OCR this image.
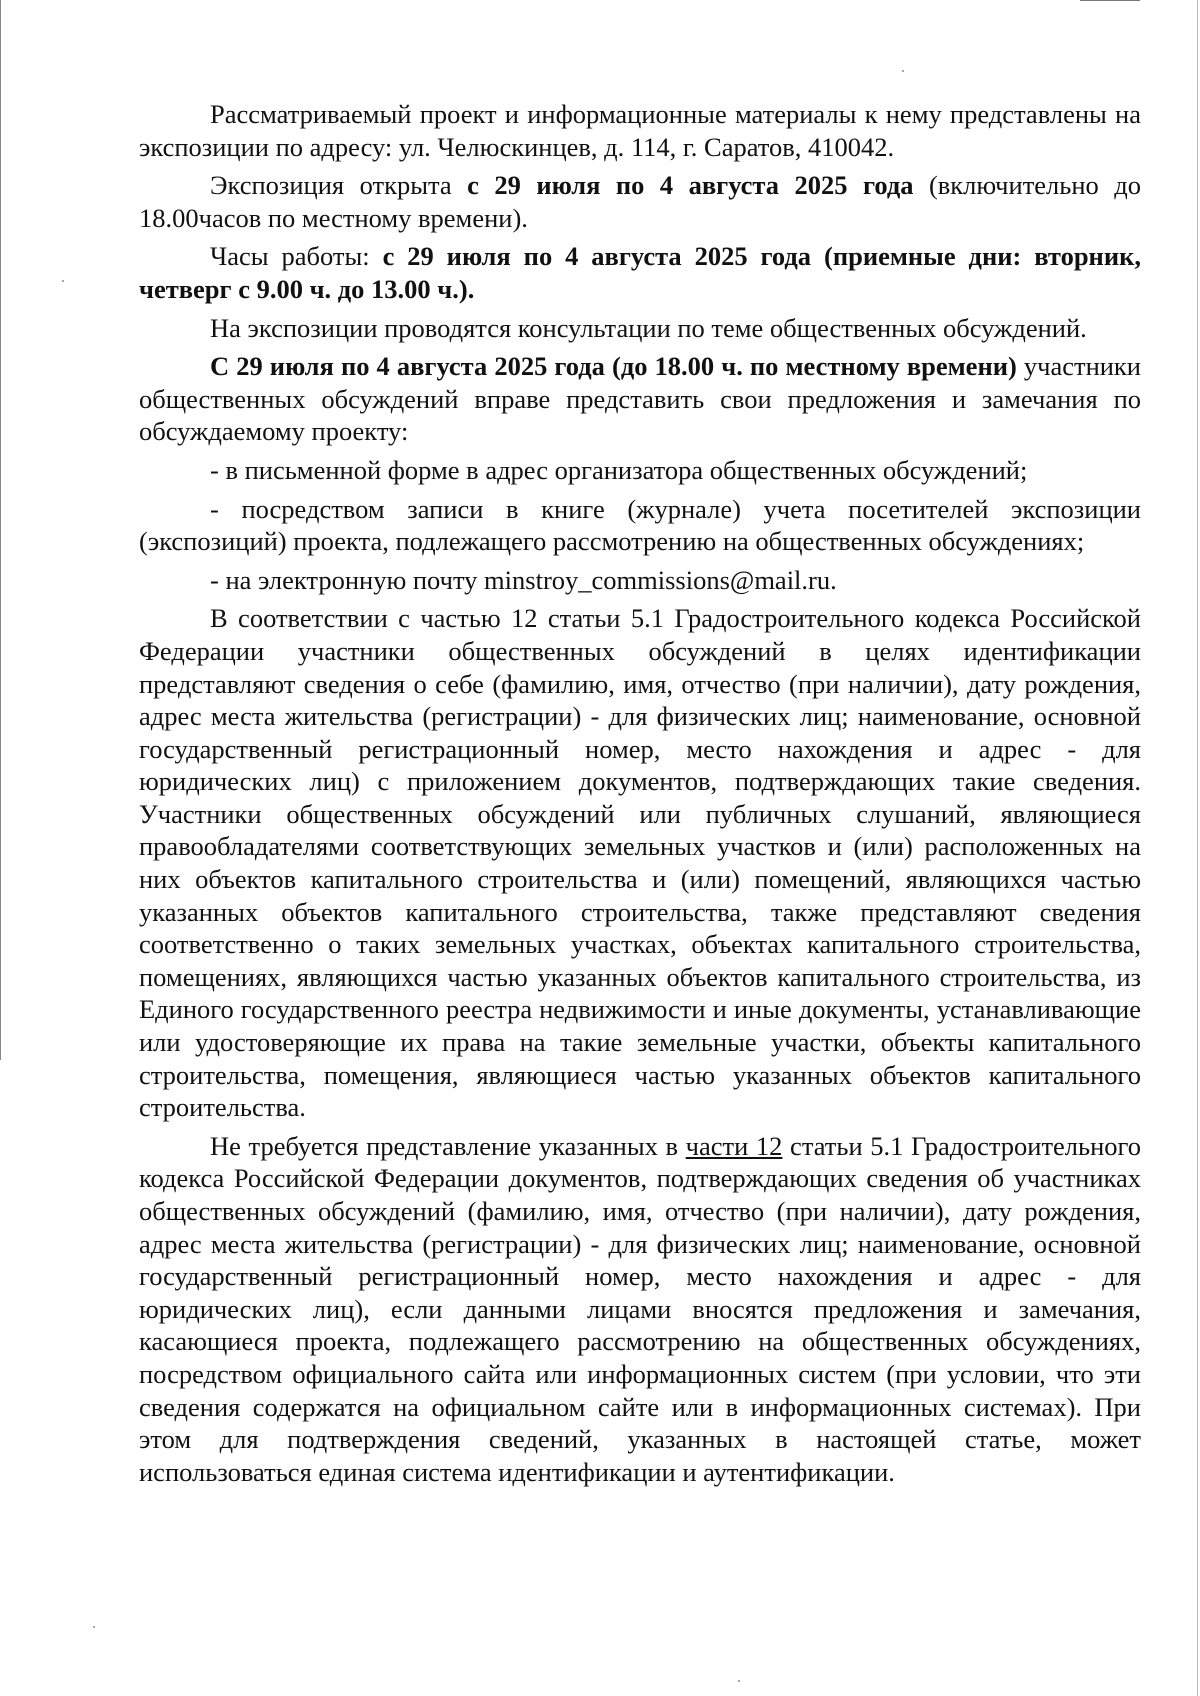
Рассматриваемый проект и информационные материалы к нему представлены на экспозиции по адресу: ул. Челюскинцев, д. 114, г. Саратов, 410042.

Экспозиция открыта с 29 июля по 4 августа 2025 года (включительно до 18.00часов по местному времени).

Часы работы: с 29 июля по 4 августа 2025 года (приемные дни: вторник, четверг с 9.00 ч. до 13.00 ч.).

На экспозиции проводятся консультации по теме общественных обсуждений.

С 29 июля по 4 августа 2025 года (до 18.00 ч. по местному времени) участники общественных обсуждений вправе представить свои предложения и замечания по обсуждаемому проекту:

- в письменной форме в адрес организатора общественных обсуждений;

- посредством записи в книге (журнале) учета посетителей экспозиции (экспозиций) проекта, подлежащего рассмотрению на общественных обсуждениях;

- на электронную почту minstroy_commissions@mail.ru.

В соответствии с частью 12 статьи 5.1 Градостроительного кодекса Российской Федерации участники общественных обсуждений в целях идентификации представляют сведения о себе (фамилию, имя, отчество (при наличии), дату рождения, адрес места жительства (регистрации) - для физических лиц; наименование, основной государственный регистрационный номер, место нахождения и адрес - для юридических лиц) с приложением документов, подтверждающих такие сведения. Участники общественных обсуждений или публичных слушаний, являющиеся правообладателями соответствующих земельных участков и (или) расположенных на них объектов капитального строительства и (или) помещений, являющихся частью указанных объектов капитального строительства, также представляют сведения соответственно о таких земельных участках, объектах капитального строительства, помещениях, являющихся частью указанных объектов капитального строительства, из Единого государственного реестра недвижимости и иные документы, устанавливающие или удостоверяющие их права на такие земельные участки, объекты капитального строительства, помещения, являющиеся частью указанных объектов капитального строительства.

Не требуется представление указанных в части 12 статьи 5.1 Градостроительного кодекса Российской Федерации документов, подтверждающих сведения об участниках общественных обсуждений (фамилию, имя, отчество (при наличии), дату рождения, адрес места жительства (регистрации) - для физических лиц; наименование, основной государственный регистрационный номер, место нахождения и адрес - для юридических лиц), если данными лицами вносятся предложения и замечания, касающиеся проекта, подлежащего рассмотрению на общественных обсуждениях, посредством официального сайта или информационных систем (при условии, что эти сведения содержатся на официальном сайте или в информационных системах). При этом для подтверждения сведений, указанных в настоящей статье, может использоваться единая система идентификации и аутентификации.
